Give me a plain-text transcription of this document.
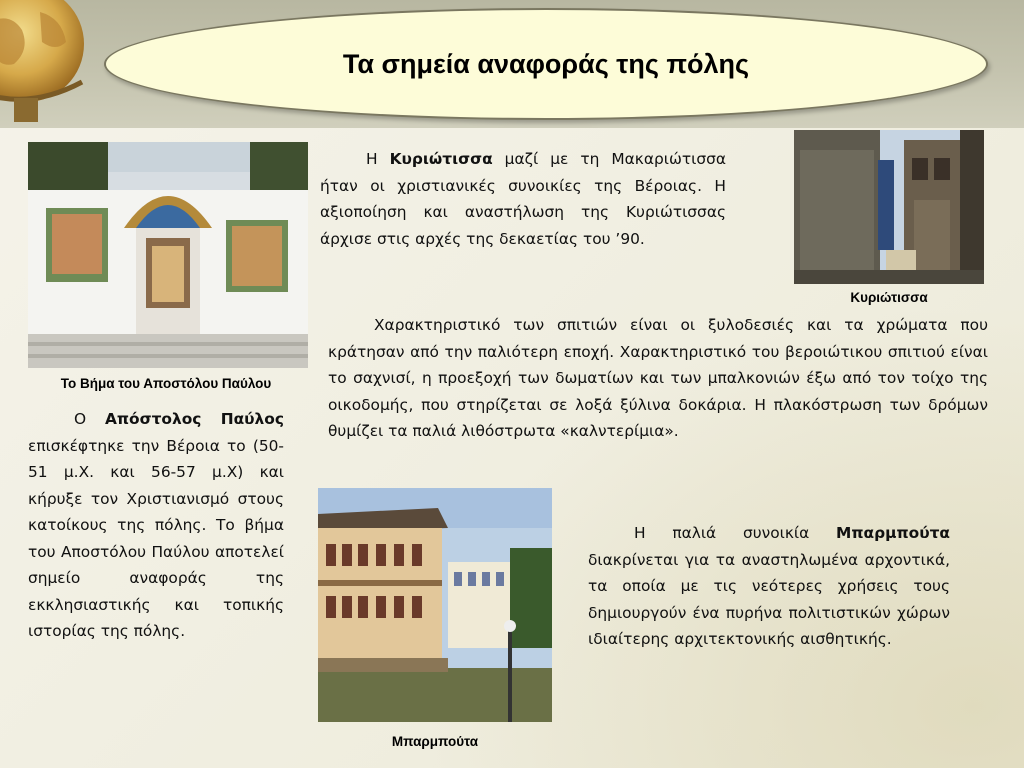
Τα σημεία αναφοράς της πόλης
Το Βήμα του Αποστόλου Παύλου
Κυριώτισσα
Μπαρμπούτα

Η Κυριώτισσα μαζί με τη Μακαριώτισσα ήταν οι χριστιανικές συνοικίες της Βέροιας. Η αξιοποίηση και αναστήλωση της Κυριώτισσας άρχισε στις αρχές της δεκαετίας του ’90.

Χαρακτηριστικό των σπιτιών είναι οι ξυλοδεσιές και τα χρώματα που κράτησαν από την παλιότερη εποχή. Χαρακτηριστικό του βεροιώτικου σπιτιού είναι το σαχνισί, η προεξοχή των δωματίων και των μπαλκονιών έξω από τον τοίχο της οικοδομής, που στηρίζεται σε λοξά ξύλινα δοκάρια. Η πλακόστρωση των δρόμων θυμίζει τα παλιά λιθόστρωτα «καλντερίμια».

Ο Απόστολος Παύλος επισκέφτηκε την Βέροια το (50-51 μ.Χ. και 56-57 μ.Χ) και κήρυξε τον Χριστιανισμό στους κατοίκους της πόλης. Το βήμα του Αποστόλου Παύλου αποτελεί σημείο αναφοράς της εκκλησιαστικής και τοπικής ιστορίας της πόλης.

Η παλιά συνοικία Μπαρμπούτα διακρίνεται για τα αναστηλωμένα αρχοντικά, τα οποία με τις νεότερες χρήσεις τους δημιουργούν ένα πυρήνα πολιτιστικών χώρων ιδιαίτερης αρχιτεκτονικής αισθητικής.
